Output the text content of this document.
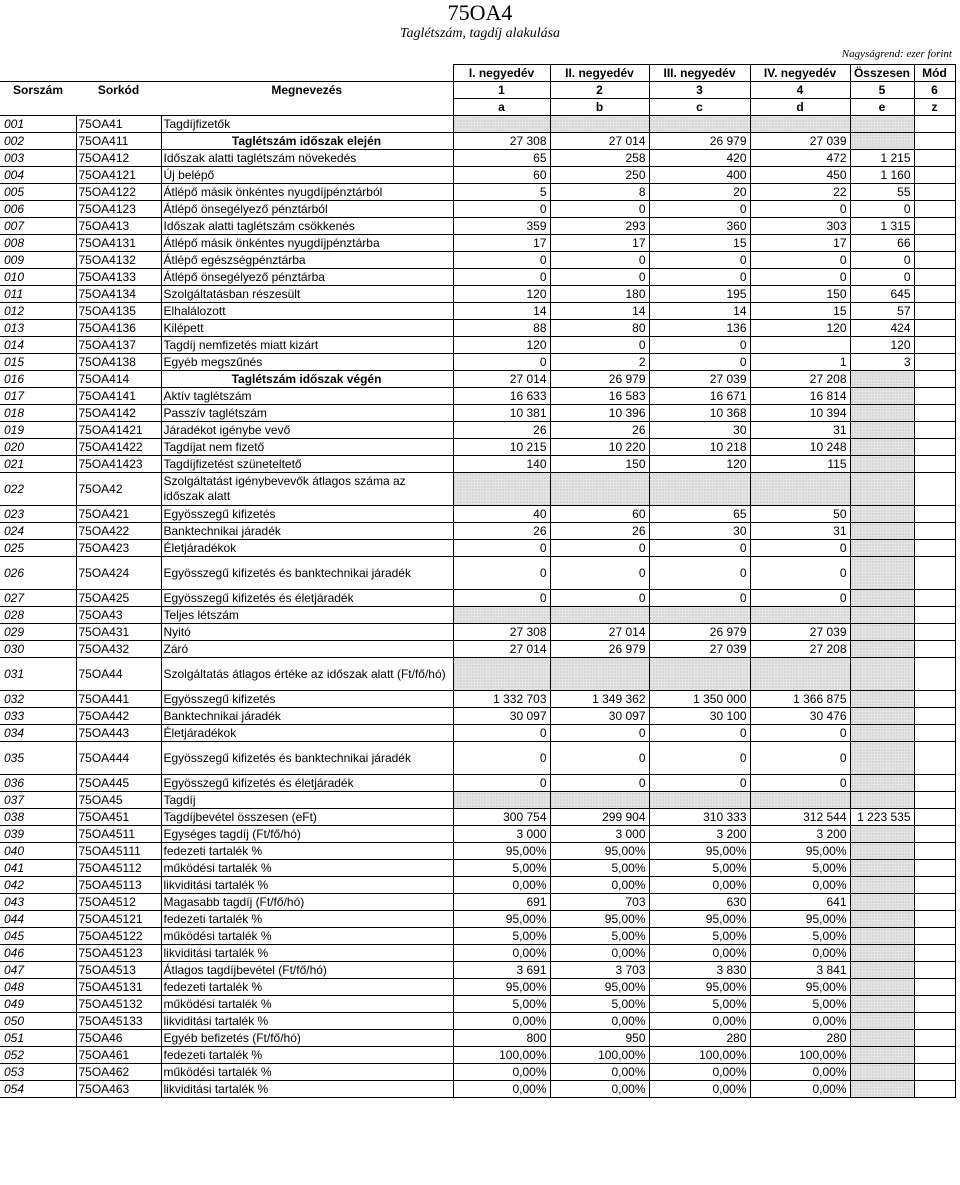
75OA4
Taglétszám, tagdíj alakulása
Nagyságrend: ezer forint
			I. negyedév	II. negyedév	III. negyedév	IV. negyedév	Összesen	Mód
Sorszám	Sorkód	Megnevezés	1	2	3	4	5	6
			a	b	c	d	e	z
001	75OA41	Tagdíjfizetők						
002	75OA411	Taglétszám időszak elején	27 308	27 014	26 979	27 039		
003	75OA412	Időszak alatti taglétszám növekedés	65	258	420	472	1 215	
004	75OA4121	Új belépő	60	250	400	450	1 160	
005	75OA4122	Átlépő másik önkéntes nyugdíjpénztárból	5	8	20	22	55	
006	75OA4123	Átlépő önsegélyező pénztárból	0	0	0	0	0	
007	75OA413	Időszak alatti taglétszám csökkenés	359	293	360	303	1 315	
008	75OA4131	Átlépő másik önkéntes nyugdíjpénztárba	17	17	15	17	66	
009	75OA4132	Átlépő egészségpénztárba	0	0	0	0	0	
010	75OA4133	Átlépő önsegélyező pénztárba	0	0	0	0	0	
011	75OA4134	Szolgáltatásban részesült	120	180	195	150	645	
012	75OA4135	Elhalálozott	14	14	14	15	57	
013	75OA4136	Kilépett	88	80	136	120	424	
014	75OA4137	Tagdíj nemfizetés miatt kizárt	120	0	0		120	
015	75OA4138	Egyéb megszűnés	0	2	0	1	3	
016	75OA414	Taglétszám időszak végén	27 014	26 979	27 039	27 208		
017	75OA4141	Aktív taglétszám	16 633	16 583	16 671	16 814		
018	75OA4142	Passzív taglétszám	10 381	10 396	10 368	10 394		
019	75OA41421	Járadékot igénybe vevő	26	26	30	31		
020	75OA41422	Tagdíjat nem fizető	10 215	10 220	10 218	10 248		
021	75OA41423	Tagdíjfizetést szüneteltető	140	150	120	115		
022	75OA42	Szolgáltatást igénybevevők átlagos száma az időszak alatt						
023	75OA421	Egyösszegű kifizetés	40	60	65	50		
024	75OA422	Banktechnikai járadék	26	26	30	31		
025	75OA423	Életjáradékok	0	0	0	0		
026	75OA424	Egyösszegű kifizetés és banktechnikai járadék	0	0	0	0		
027	75OA425	Egyösszegű kifizetés és életjáradék	0	0	0	0		
028	75OA43	Teljes létszám						
029	75OA431	Nyitó	27 308	27 014	26 979	27 039		
030	75OA432	Záró	27 014	26 979	27 039	27 208		
031	75OA44	Szolgáltatás átlagos értéke az időszak alatt (Ft/fő/hó)						
032	75OA441	Egyösszegű kifizetés	1 332 703	1 349 362	1 350 000	1 366 875		
033	75OA442	Banktechnikai járadék	30 097	30 097	30 100	30 476		
034	75OA443	Életjáradékok	0	0	0	0		
035	75OA444	Egyösszegű kifizetés és banktechnikai járadék	0	0	0	0		
036	75OA445	Egyösszegű kifizetés és életjáradék	0	0	0	0		
037	75OA45	Tagdíj						
038	75OA451	Tagdíjbevétel összesen (eFt)	300 754	299 904	310 333	312 544	1 223 535	
039	75OA4511	Egységes tagdíj (Ft/fő/hó)	3 000	3 000	3 200	3 200		
040	75OA45111	fedezeti tartalék %	95,00%	95,00%	95,00%	95,00%		
041	75OA45112	működési tartalék %	5,00%	5,00%	5,00%	5,00%		
042	75OA45113	likviditási tartalék %	0,00%	0,00%	0,00%	0,00%		
043	75OA4512	Magasabb tagdíj (Ft/fő/hó)	691	703	630	641		
044	75OA45121	fedezeti tartalék %	95,00%	95,00%	95,00%	95,00%		
045	75OA45122	működési tartalék %	5,00%	5,00%	5,00%	5,00%		
046	75OA45123	likviditási tartalék %	0,00%	0,00%	0,00%	0,00%		
047	75OA4513	Átlagos tagdíjbevétel (Ft/fő/hó)	3 691	3 703	3 830	3 841		
048	75OA45131	fedezeti tartalék %	95,00%	95,00%	95,00%	95,00%		
049	75OA45132	működési tartalék %	5,00%	5,00%	5,00%	5,00%		
050	75OA45133	likviditási tartalék %	0,00%	0,00%	0,00%	0,00%		
051	75OA46	Egyéb befizetés (Ft/fő/hó)	800	950	280	280		
052	75OA461	fedezeti tartalék %	100,00%	100,00%	100,00%	100,00%		
053	75OA462	működési tartalék %	0,00%	0,00%	0,00%	0,00%		
054	75OA463	likviditási tartalék %	0,00%	0,00%	0,00%	0,00%		
